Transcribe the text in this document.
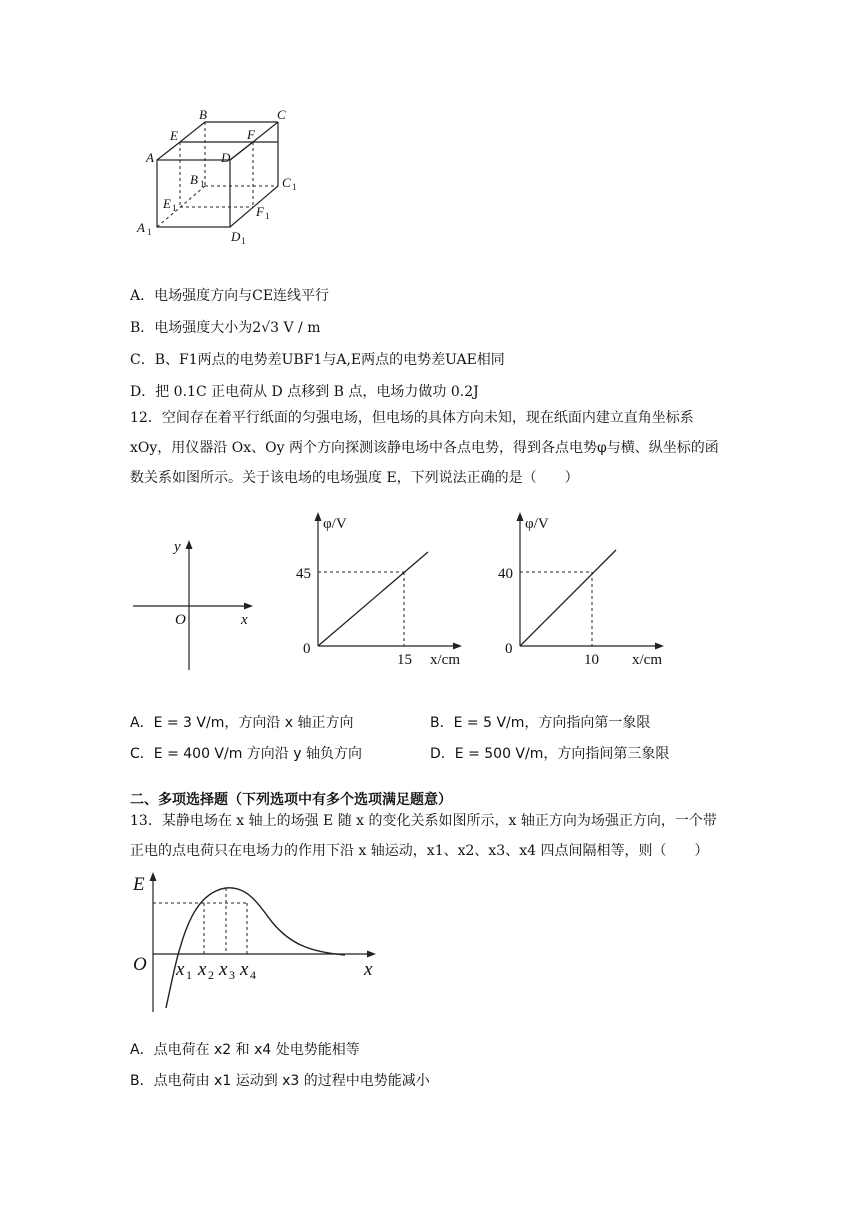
A
B	C
D
E	F
A
B	C
D
E
F
1
1	1
1
1
1
A．电场强度方向与CE连线平行
B．电场强度大小为2√3 V / m
C．B、F1两点的电势差UBF1与A,E两点的电势差UAE相同
D．把 0.1C 正电荷从 D 点移到 B 点，电场力做功 0.2J
12．空间存在着平行纸面的匀强电场，但电场的具体方向未知，现在纸面内建立直角坐标系 xOy，用仪器沿 Ox、Oy 两个方向探测该静电场中各点电势，得到各点电势φ与横、纵坐标的函数关系如图所示。关于该电场的电场强度 E，下列说法正确的是（　　）
y
x
O
φ/V
x/cm
45
15
0
φ/V
x/cm
40
10
0
A．E = 3 V/m，方向沿 x 轴正方向	B．E = 5 V/m，方向指向第一象限
C．E = 400 V/m 方向沿 y 轴负方向	D．E = 500 V/m，方向指间第三象限
二、多项选择题（下列选项中有多个选项满足题意）
13．某静电场在 x 轴上的场强 E 随 x 的变化关系如图所示，x 轴正方向为场强正方向，一个带正电的点电荷只在电场力的作用下沿 x 轴运动，x1、x2、x3、x4 四点间隔相等，则（　　）
E
O	x
x x x x
1 2 3 4
A．点电荷在 x2 和 x4 处电势能相等
B．点电荷由 x1 运动到 x3 的过程中电势能减小
